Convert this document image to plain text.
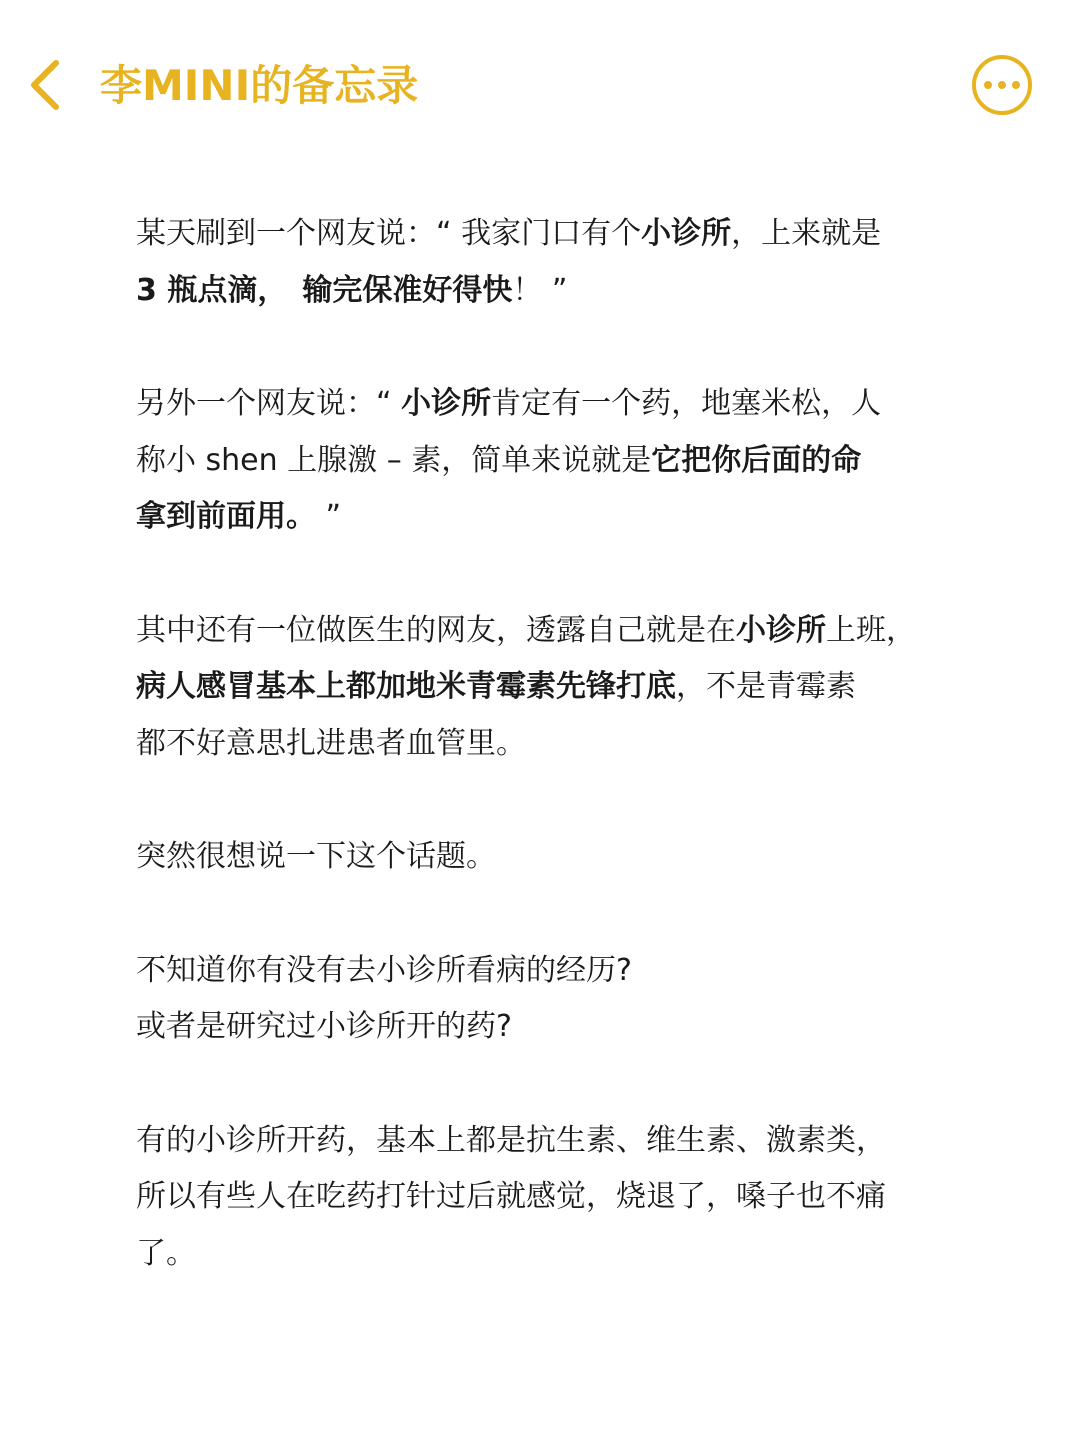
李MINI的备忘录
某天刷到一个网友说：“ 我家门口有个小诊所，上来就是
3 瓶点滴，　输完保准好得快！ ”
另外一个网友说：“ 小诊所肯定有一个药，地塞米松，人
称小 shen 上腺激 – 素，简单来说就是它把你后面的命
拿到前面用。 ”
其中还有一位做医生的网友，透露自己就是在小诊所上班，
病人感冒基本上都加地米青霉素先锋打底，不是青霉素
都不好意思扎进患者血管里。
突然很想说一下这个话题。
不知道你有没有去小诊所看病的经历?
或者是研究过小诊所开的药?
有的小诊所开药，基本上都是抗生素、维生素、激素类，
所以有些人在吃药打针过后就感觉，烧退了，嗓子也不痛
了。
